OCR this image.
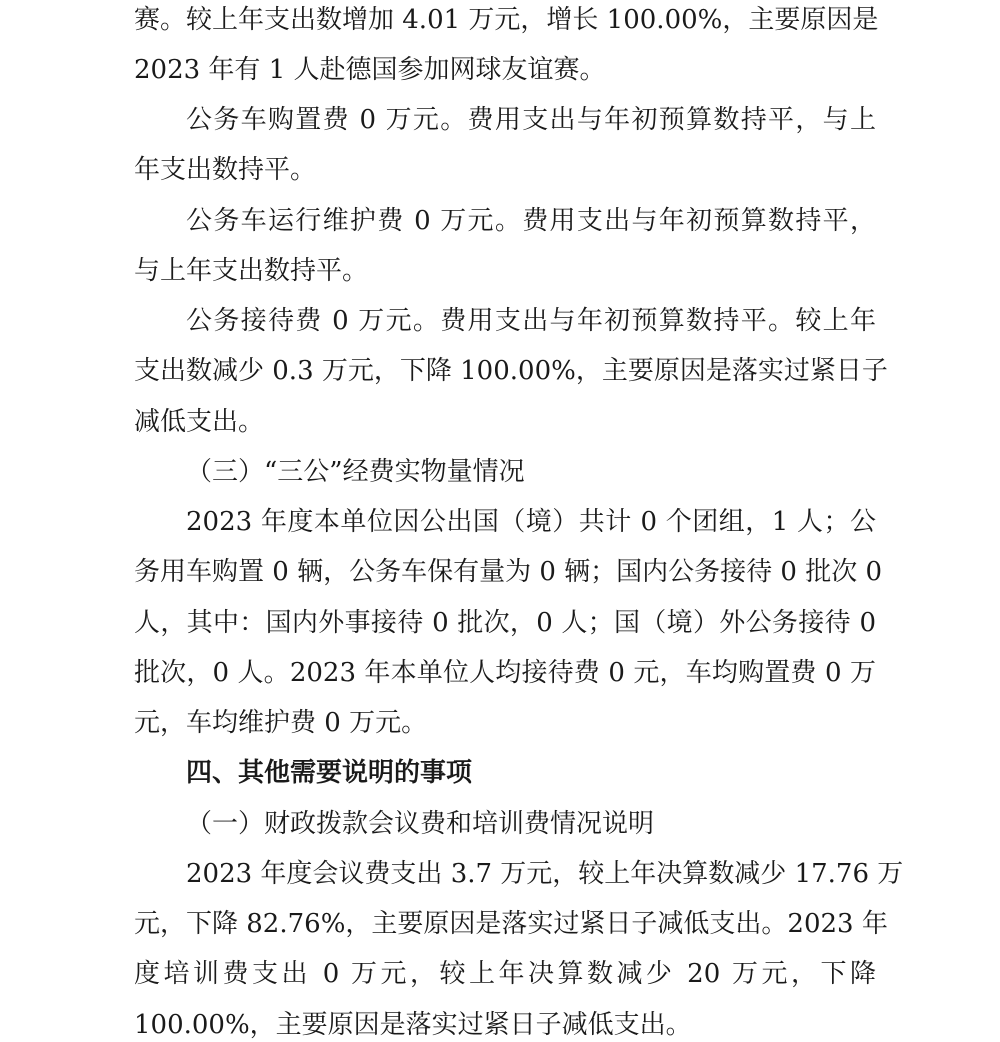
赛。较上年支出数增加 4.01 万元，增长 100.00%，主要原因是
2023 年有 1 人赴德国参加网球友谊赛。
公务车购置费 0 万元。费用支出与年初预算数持平，与上
年支出数持平。
公务车运行维护费 0 万元。费用支出与年初预算数持平，
与上年支出数持平。
公务接待费 0 万元。费用支出与年初预算数持平。较上年
支出数减少 0.3 万元，下降 100.00%，主要原因是落实过紧日子
减低支出。
（三）“三公”经费实物量情况
2023 年度本单位因公出国（境）共计 0 个团组，1 人；公
务用车购置 0 辆，公务车保有量为 0 辆；国内公务接待 0 批次 0
人，其中：国内外事接待 0 批次，0 人；国（境）外公务接待 0
批次，0 人。2023 年本单位人均接待费 0 元，车均购置费 0 万
元，车均维护费 0 万元。
四、其他需要说明的事项
（一）财政拨款会议费和培训费情况说明
2023 年度会议费支出 3.7 万元，较上年决算数减少 17.76 万
元，下降 82.76%，主要原因是落实过紧日子减低支出。2023 年
度培训费支出 0 万元，较上年决算数减少 20 万元，下降
100.00%，主要原因是落实过紧日子减低支出。
